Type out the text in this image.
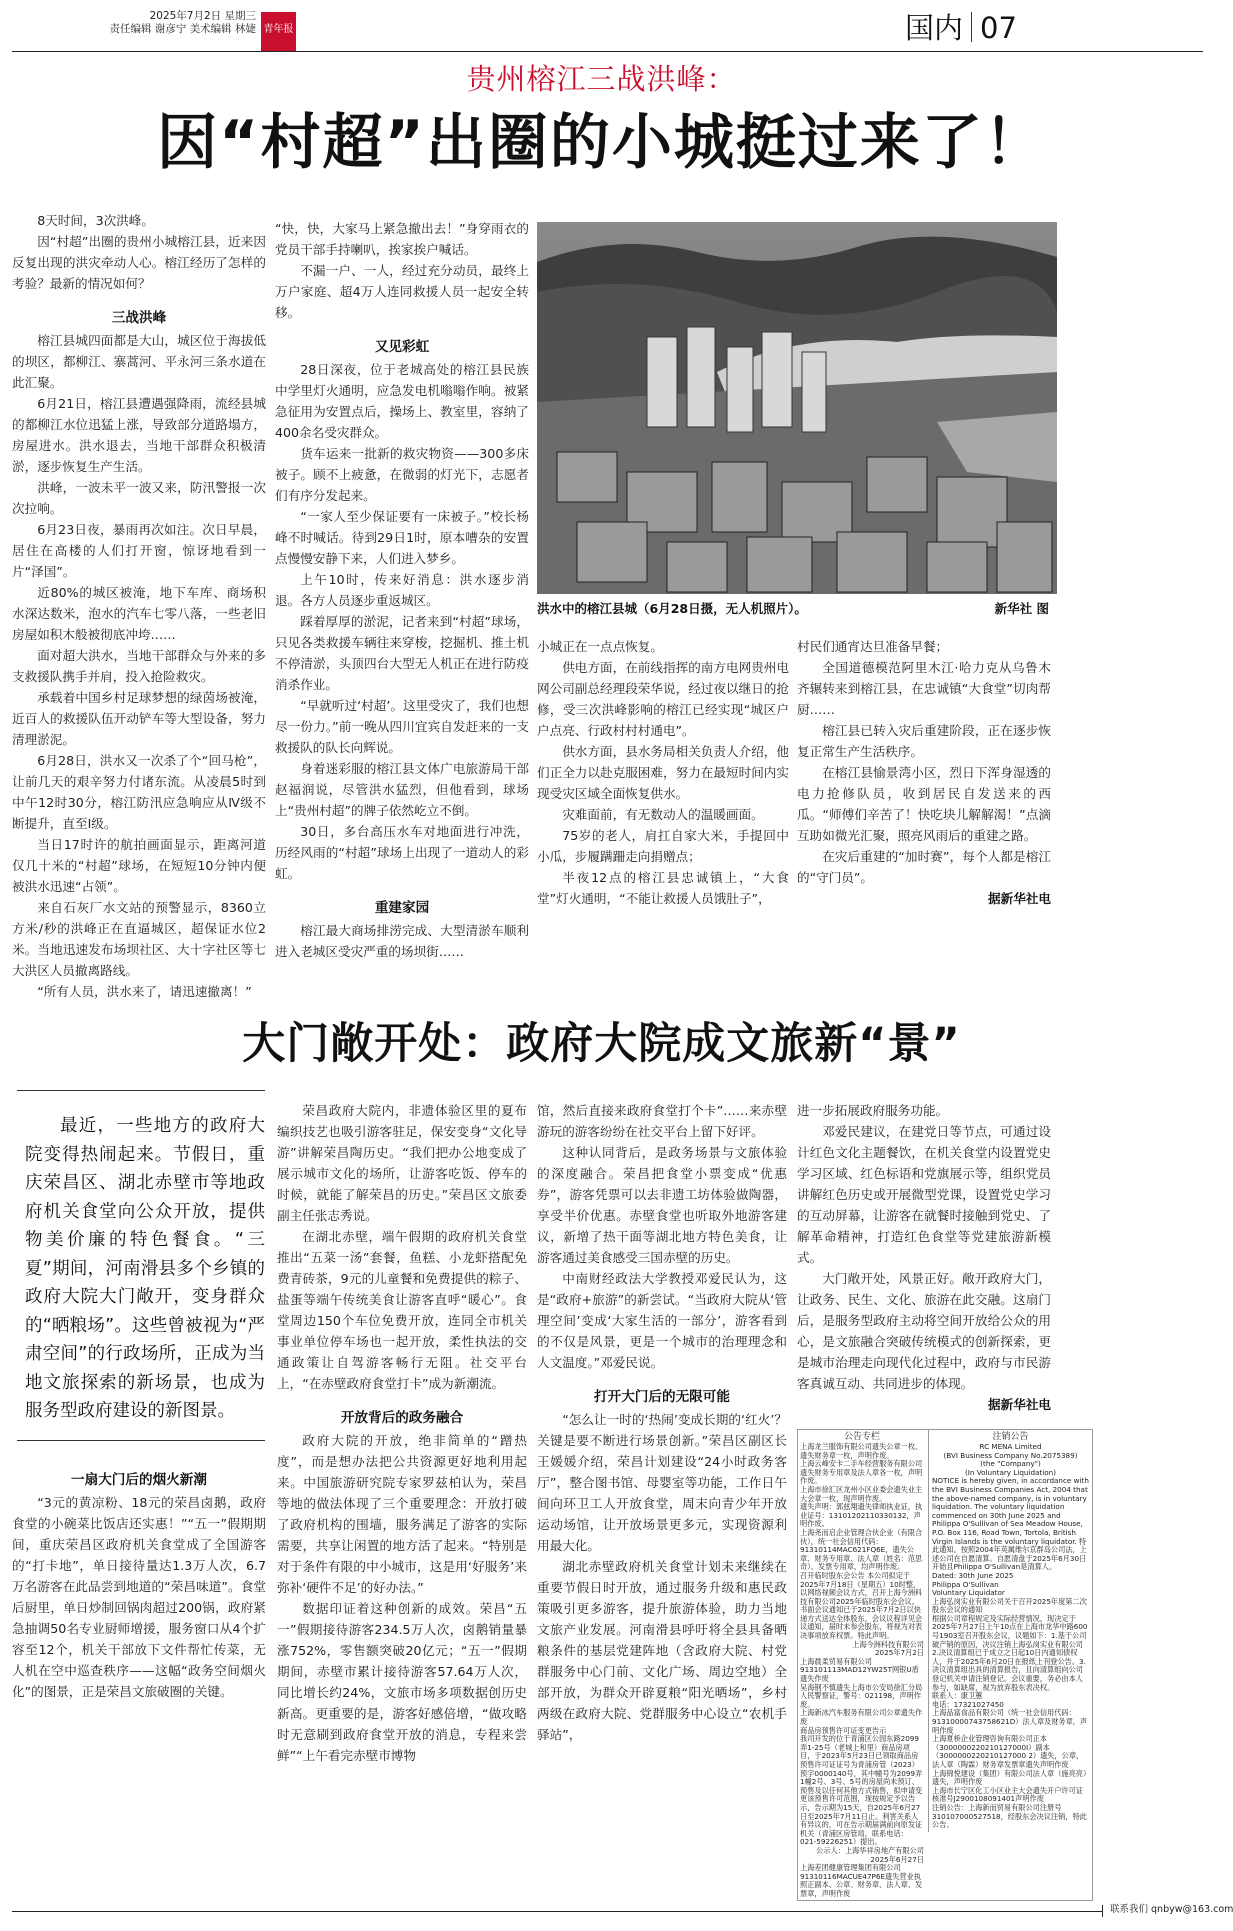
2025年7月2日 星期三
责任编辑 谢彦宁 美术编辑 林婕 青年报	国内 07
贵州榕江三战洪峰：
因“村超”出圈的小城挺过来了！

8天时间，3次洪峰。

因“村超”出圈的贵州小城榕江县，近来因反复出现的洪灾牵动人心。榕江经历了怎样的考验？最新的情况如何？

三战洪峰

榕江县城四面都是大山，城区位于海拔低的坝区，都柳江、寨蒿河、平永河三条水道在此汇聚。

6月21日，榕江县遭遇强降雨，流经县城的都柳江水位迅猛上涨，导致部分道路塌方，房屋进水。洪水退去，当地干部群众积极清淤，逐步恢复生产生活。

洪峰，一波未平一波又来，防汛警报一次次拉响。

6月23日夜，暴雨再次如注。次日早晨，居住在高楼的人们打开窗，惊讶地看到一片“泽国”。

近80%的城区被淹，地下车库、商场积水深达数米，泡水的汽车七零八落，一些老旧房屋如积木般被彻底冲垮……

面对超大洪水，当地干部群众与外来的多支救援队携手并肩，投入抢险救灾。

承载着中国乡村足球梦想的绿茵场被淹，近百人的救援队伍开动铲车等大型设备，努力清理淤泥。

6月28日，洪水又一次杀了个“回马枪”，让前几天的艰辛努力付诸东流。从凌晨5时到中午12时30分，榕江防汛应急响应从Ⅳ级不断提升，直至Ⅰ级。

当日17时许的航拍画面显示，距离河道仅几十米的“村超”球场，在短短10分钟内便被洪水迅速“占领”。

来自石灰厂水文站的预警显示，8360立方米/秒的洪峰正在直逼城区，超保证水位2米。当地迅速发布场坝社区、大十字社区等七大洪区人员撤离路线。

“所有人员，洪水来了，请迅速撤离！”

“快，快，大家马上紧急撤出去！”身穿雨衣的党员干部手持喇叭，挨家挨户喊话。

不漏一户、一人，经过充分动员，最终上万户家庭、超4万人连同救援人员一起安全转移。

又见彩虹

28日深夜，位于老城高处的榕江县民族中学里灯火通明，应急发电机嗡嗡作响。被紧急征用为安置点后，操场上、教室里，容纳了400余名受灾群众。

货车运来一批新的救灾物资——300多床被子。顾不上疲惫，在微弱的灯光下，志愿者们有序分发起来。

“一家人至少保证要有一床被子。”校长杨峰不时喊话。待到29日1时，原本嘈杂的安置点慢慢安静下来，人们进入梦乡。

上午10时，传来好消息：洪水逐步消退。各方人员逐步重返城区。

踩着厚厚的淤泥，记者来到“村超”球场，只见各类救援车辆往来穿梭，挖掘机、推土机不停清淤，头顶四台大型无人机正在进行防疫消杀作业。

“早就听过‘村超’。这里受灾了，我们也想尽一份力。”前一晚从四川宜宾自发赶来的一支救援队的队长向辉说。

身着迷彩服的榕江县文体广电旅游局干部赵福润说，尽管洪水猛烈，但他看到，球场上“贵州村超”的牌子依然屹立不倒。

30日，多台高压水车对地面进行冲洗，历经风雨的“村超”球场上出现了一道动人的彩虹。

重建家园

榕江最大商场排涝完成、大型清淤车顺利进入老城区受灾严重的场坝街……

洪水中的榕江县城（6月28日摄，无人机照片）。	新华社 图

小城正在一点点恢复。

供电方面，在前线指挥的南方电网贵州电网公司副总经理段荣华说，经过夜以继日的抢修，受三次洪峰影响的榕江已经实现“城区户户点亮、行政村村村通电”。

供水方面，县水务局相关负责人介绍，他们正全力以赴克服困难，努力在最短时间内实现受灾区域全面恢复供水。

灾难面前，有无数动人的温暖画面。

75岁的老人，肩扛自家大米，手提回中小瓜，步履蹒跚走向捐赠点；

半夜12点的榕江县忠诚镇上，“大食堂”灯火通明，“不能让救援人员饿肚子”，

村民们通宵达旦准备早餐；

全国道德模范阿里木江·哈力克从乌鲁木齐辗转来到榕江县，在忠诚镇“大食堂”切肉帮厨……

榕江县已转入灾后重建阶段，正在逐步恢复正常生产生活秩序。

在榕江县愉景湾小区，烈日下浑身湿透的电力抢修队员，收到居民自发送来的西瓜。“师傅们辛苦了！快吃块儿解解渴！”点滴互助如微光汇聚，照亮风雨后的重建之路。

在灾后重建的“加时赛”，每个人都是榕江的“守门员”。

据新华社电

大门敞开处：政府大院成文旅新“景”
最近，一些地方的政府大院变得热闹起来。节假日，重庆荣昌区、湖北赤壁市等地政府机关食堂向公众开放，提供物美价廉的特色餐食。“三夏”期间，河南滑县多个乡镇的政府大院大门敞开，变身群众的“晒粮场”。这些曾被视为“严肃空间”的行政场所，正成为当地文旅探索的新场景，也成为服务型政府建设的新图景。
一扇大门后的烟火新潮

“3元的黄凉粉、18元的荣昌卤鹅，政府食堂的小碗菜比饭店还实惠！”“五一”假期期间，重庆荣昌区政府机关食堂成了全国游客的“打卡地”，单日接待量达1.3万人次，6.7万名游客在此品尝到地道的“荣昌味道”。食堂后厨里，单日炒制回锅肉超过200锅，政府紧急抽调50名专业厨师增援，服务窗口从4个扩容至12个，机关干部放下文件帮忙传菜，无人机在空中巡查秩序——这幅“政务空间烟火化”的图景，正是荣昌文旅破圈的关键。

荣昌政府大院内，非遗体验区里的夏布编织技艺也吸引游客驻足，保安变身“文化导游”讲解荣昌陶历史。“我们把办公地变成了展示城市文化的场所，让游客吃饭、停车的时候，就能了解荣昌的历史。”荣昌区文旅委副主任张志秀说。

在湖北赤壁，端午假期的政府机关食堂推出“五菜一汤”套餐，鱼糕、小龙虾搭配免费青砖茶，9元的儿童餐和免费提供的粽子、盐蛋等端午传统美食让游客直呼“暖心”。食堂周边150个车位免费开放，连同全市机关事业单位停车场也一起开放，柔性执法的交通政策让自驾游客畅行无阻。社交平台上，“在赤壁政府食堂打卡”成为新潮流。

开放背后的政务融合

政府大院的开放，绝非简单的“蹭热度”，而是想办法把公共资源更好地利用起来。中国旅游研究院专家罗兹柏认为，荣昌等地的做法体现了三个重要理念：开放打破了政府机构的围墙，服务满足了游客的实际需要，共享让闲置的地方活了起来。“特别是对于条件有限的中小城市，这是用‘好服务’来弥补‘硬件不足’的好办法。”

数据印证着这种创新的成效。荣昌“五一”假期接待游客234.5万人次，卤鹅销量暴涨752%，零售额突破20亿元；“五一”假期期间，赤壁市累计接待游客57.64万人次，同比增长约24%，文旅市场多项数据创历史新高。更重要的是，游客好感倍增，“做攻略时无意刷到政府食堂开放的消息，专程来尝鲜”“上午看完赤壁市博物

馆，然后直接来政府食堂打个卡”……来赤壁游玩的游客纷纷在社交平台上留下好评。

这种认同背后，是政务场景与文旅体验的深度融合。荣昌把食堂小票变成“优惠券”，游客凭票可以去非遗工坊体验做陶器，享受半价优惠。赤壁食堂也听取外地游客建议，新增了热干面等湖北地方特色美食，让游客通过美食感受三国赤壁的历史。

中南财经政法大学教授邓爱民认为，这是“政府+旅游”的新尝试。“当政府大院从‘管理空间’变成‘大家生活的一部分’，游客看到的不仅是风景，更是一个城市的治理理念和人文温度。”邓爱民说。

打开大门后的无限可能

“怎么让一时的‘热闹’变成长期的‘红火’？关键是要不断进行场景创新。”荣昌区副区长王媛媛介绍，荣昌计划建设“24小时政务客厅”，整合图书馆、母婴室等功能，工作日午间向环卫工人开放食堂，周末向青少年开放运动场馆，让开放场景更多元，实现资源利用最大化。

湖北赤壁政府机关食堂计划未来继续在重要节假日时开放，通过服务升级和惠民政策吸引更多游客，提升旅游体验，助力当地文旅产业发展。河南滑县呼吁将全县具备晒粮条件的基层党建阵地（含政府大院、村党群服务中心门前、文化广场、周边空地）全部开放，为群众开辟夏粮“阳光晒场”，乡村两级在政府大院、党群服务中心设立“农机手驿站”，

进一步拓展政府服务功能。

邓爱民建议，在建党日等节点，可通过设计红色文化主题餐饮，在机关食堂内设置党史学习区域、红色标语和党旗展示等，组织党员讲解红色历史或开展微型党课，设置党史学习的互动屏幕，让游客在就餐时接触到党史、了解革命精神，打造红色食堂等党建旅游新模式。

大门敞开处，风景正好。敞开政府大门，让政务、民生、文化、旅游在此交融。这扇门后，是服务型政府主动将空间开放给公众的用心，是文旅融合突破传统模式的创新探索，更是城市治理走向现代化过程中，政府与市民游客真诚互动、共同进步的体现。

据新华社电

公告专栏
上海龙兰服饰有限公司遗失公章一枚、遗失财务章一枚，声明作废。
上海云峰安卡二手车经营服务有限公司遗失财务专用章及法人章各一枚，声明作废。
上海市徐汇区龙州小区业委会遗失业主大会章一枚，现声明作废。
遗失声明：郭兹翔遗失律师执业证，执业证号：13101202110330132，声明作废。
上海尧而启企业管理合伙企业（有限合伙），统一社会信用代码：91310114MAC621FQ6E，遗失公章、财务专用章、法人章（姓名：范思奇）、发票专用章，均声明作废。
召开临时股东会公告 本公司拟定于2025年7月18日（星期五）10时整，以网络视频会议方式，召开上海今洲科技有限公司2025年临时股东会会议。书面会议通知已于2025年7月2日以快递方式送达全体股东，会议议程详见会议通知，届时未参会股东，将视为对表决事项放弃权票。特此声明。
上海今洲科技有限公司
2025年7月2日
上海晨柔贸易有限公司913101113MAD12YW25T网银U盾遗失作废
吴海钢不慎遗失上海市公安局徐汇分局人民警察证，警号：021198，声明作废。
上海新冰汽车服务有限公司公章遗失作废
商品房预售许可证变更告示
我司开发的位于青浦区公园东路2099弄1-25号（老城上和里）商品房项目，于2023年5月23日已领取商品房预售许可证证号为青浦房管（2023）预字0000140号，其中幢号为2099弄1幢2号、3号、5号的房屋尚未预订、预售及以任何其他方式销售，拟申请变更该预售许可范围，现按规定予以告示，告示期为15天，自2025年6月27日至2025年7月11日止。利害关系人有异议的，可在告示期届满前向原发证机关（青浦区房管局，联系电话：021-59226251）提出。
公示人：上海华祥房地产有限公司
2025年6月27日
上海差团健康管理集团有限公司91310116MACUE47P6E遗失营业执照正副本、公章、财务章、法人章、发票章，声明作废
注销公告
RC MENA Limited
(BVI Business Company No.2075389)
(the "Company")
(In Voluntary Liquidation)
NOTICE is hereby given, in accordance with the BVI Business Companies Act, 2004 that the above-named company, is in voluntary liquidation. The voluntary liquidation commenced on 30th June 2025 and Philippa O'Sullivan of Sea Meadow House, P.O. Box 116, Road Town, Tortola, British Virgin Islands is the voluntary liquidator. 特此通知，按照2004年英属维尔京群岛公司法，上述公司在自愿清算。自愿清盘于2025年6月30日开始且Philippa O'Sullivan是清算人。
Dated: 30th June 2025
Philippa O'Sullivan
Voluntary Liquidator
上海弘岗实业有限公司关于召开2025年度第二次股东会议的通知
根据公司章程规定及实际经营情况，现决定于2025年7月27日上午10点在上海市龙华中路600号1903室召开股东会议，议题如下：1.基于公司破产销的原因，决议注销上海弘岗实业有限公司 2.决议清算组已于成立之日起10日内通知债权人，并于2025年6月20日在报纸上刊登公告。3.决议清算组出具的清算报告，且向清算组向公司登记机关申请注销登记。会议重要，务必由本人参与，如缺席，视为放弃股东表决权。
联系人：康卫蕙
电话：17321027450
上海品富食品有限公司（统一社会信用代码：91310000743758621D）法人章及财务章，声明作废
上海夏桥企业管理咨询有限公司正本（3000000220210127000I）副本（3000000220210127000 2）遗失，公章，法人章（陶霖）财务章发票章遗失声明作废
上海锦悦建设（集团）有限公司法人章（施亮亮）遗失，声明作废
上海市长宁区化工小区业主大会遗失开户许可证核准号J2900108091401声明作废
注销公告：上海新而贸易有限公司注册号310107000527518，经股东会决议注销，特此公告。
联系我们 qnbyw@163.com
